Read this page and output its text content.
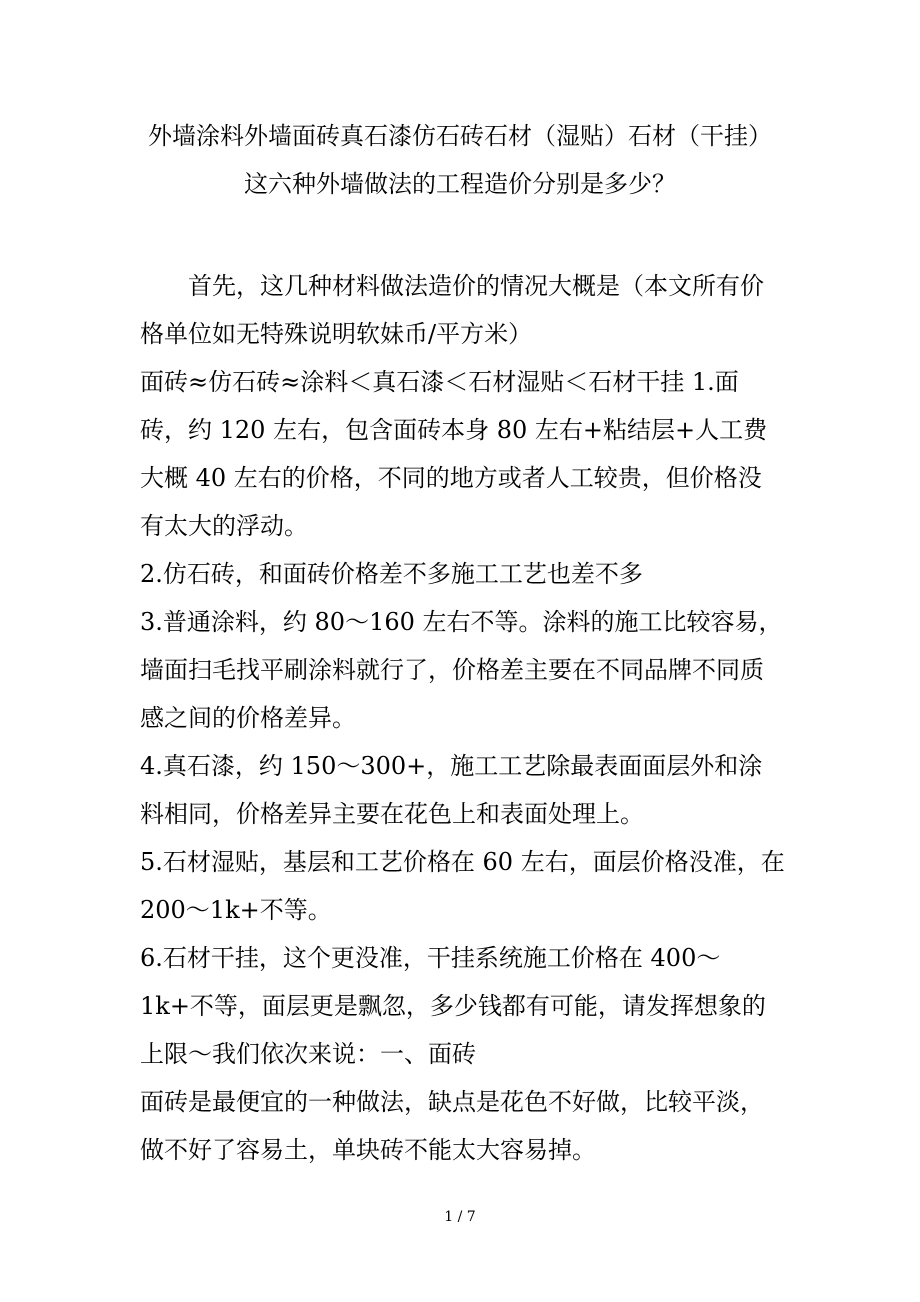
外墙涂料外墙面砖真石漆仿石砖石材（湿贴）石材（干挂）
这六种外墙做法的工程造价分别是多少？

首先，这几种材料做法造价的情况大概是（本文所有价格单位如无特殊说明软妹币/平方米）

面砖≈仿石砖≈涂料＜真石漆＜石材湿贴＜石材干挂 1.面砖，约 120 左右，包含面砖本身 80 左右+粘结层+人工费大概 40 左右的价格，不同的地方或者人工较贵，但价格没有太大的浮动。

2.仿石砖，和面砖价格差不多施工工艺也差不多

3.普通涂料，约 80～160 左右不等。涂料的施工比较容易，墙面扫毛找平刷涂料就行了，价格差主要在不同品牌不同质感之间的价格差异。

4.真石漆，约 150～300+，施工工艺除最表面面层外和涂料相同，价格差异主要在花色上和表面处理上。

5.石材湿贴，基层和工艺价格在 60 左右，面层价格没准，在 200～1k+不等。

6.石材干挂，这个更没准，干挂系统施工价格在 400～1k+不等，面层更是飘忽，多少钱都有可能，请发挥想象的上限～我们依次来说：一、面砖

面砖是最便宜的一种做法，缺点是花色不好做，比较平淡，做不好了容易土，单块砖不能太大容易掉。

1 / 7
